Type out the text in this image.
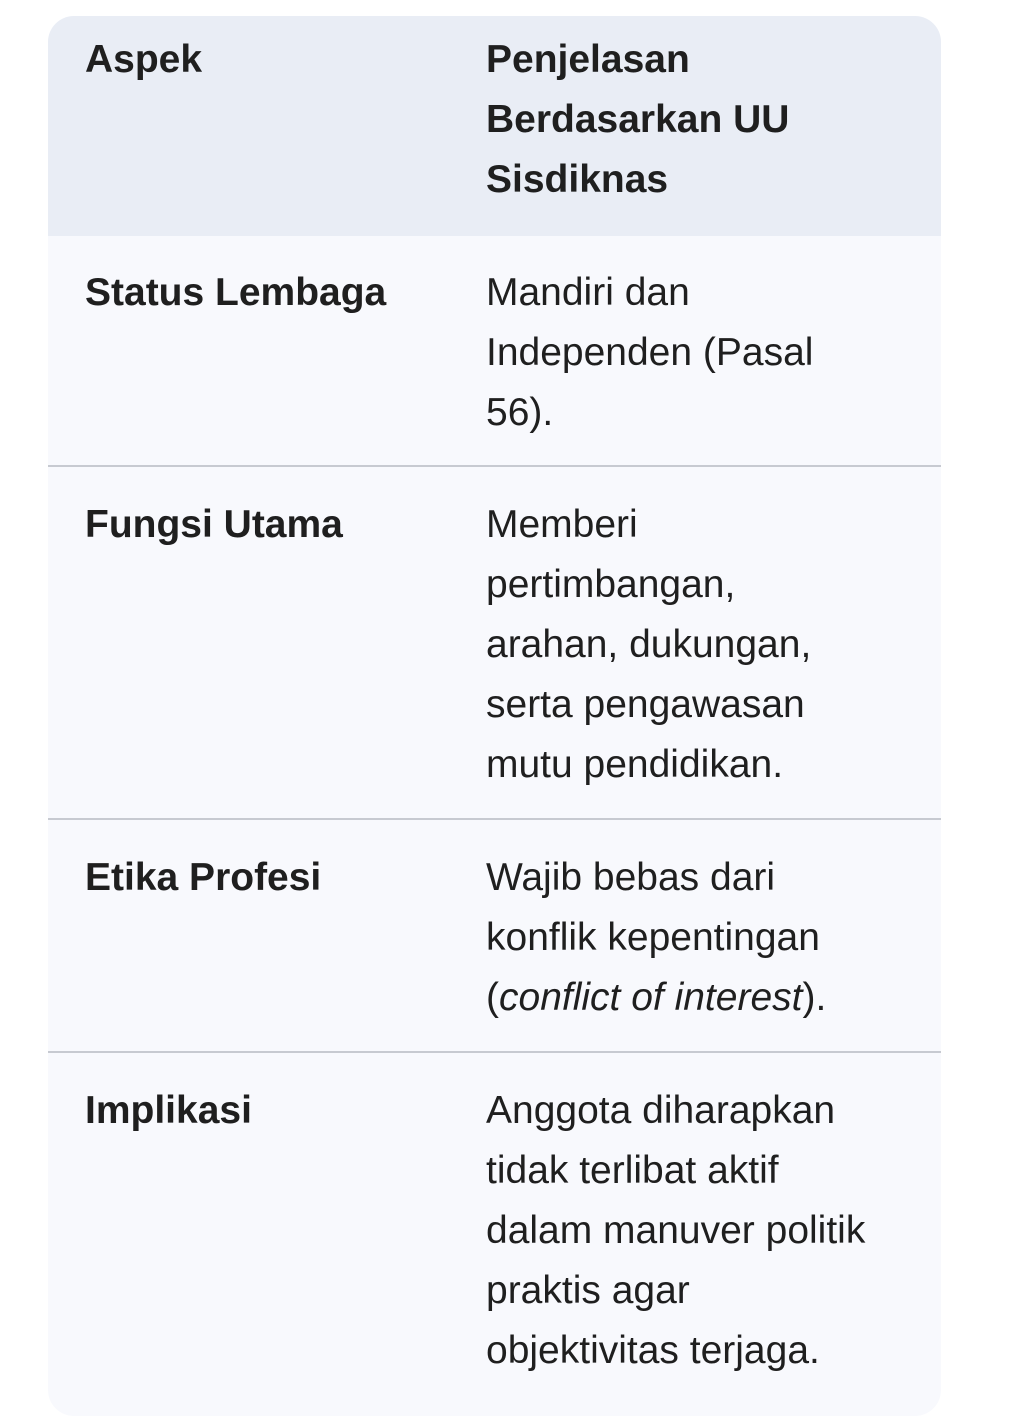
Aspek	Penjelasan
Berdasarkan UU
Sisdiknas

Status Lembaga	Mandiri dan
Independen (Pasal
56).

Fungsi Utama	Memberi
pertimbangan,
arahan, dukungan,
serta pengawasan
mutu pendidikan.

Etika Profesi	Wajib bebas dari
konflik kepentingan
(conflict of interest).

Implikasi	Anggota diharapkan
tidak terlibat aktif
dalam manuver politik
praktis agar
objektivitas terjaga.
